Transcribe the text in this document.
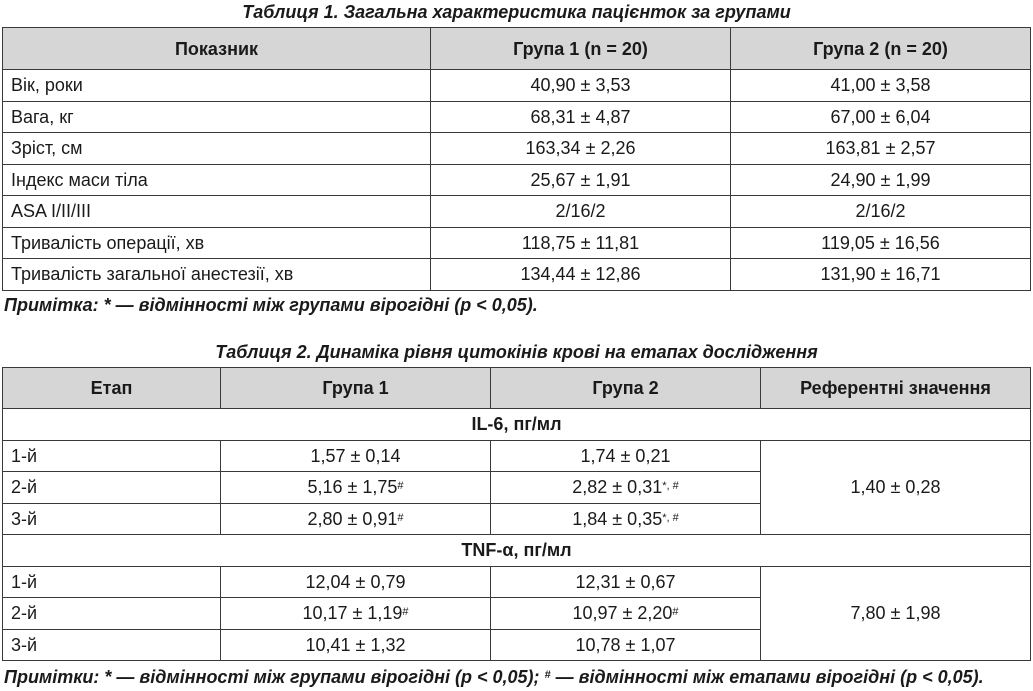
Таблиця 1. Загальна характеристика пацієнток за групами
Показник	Група 1 (n = 20)	Група 2 (n = 20)
Вік, роки	40,90 ± 3,53	41,00 ± 3,58
Вага, кг	68,31 ± 4,87	67,00 ± 6,04
Зріст, см	163,34 ± 2,26	163,81 ± 2,57
Індекс маси тіла	25,67 ± 1,91	24,90 ± 1,99
ASA I/II/III	2/16/2	2/16/2
Тривалість операції, хв	118,75 ± 11,81	119,05 ± 16,56
Тривалість загальної анестезії, хв	134,44 ± 12,86	131,90 ± 16,71
Примітка: * — відмінності між групами вірогідні (p < 0,05).
Таблиця 2. Динаміка рівня цитокінів крові на етапах дослідження
Етап	Група 1	Група 2	Референтні значення
IL-6, пг/мл			
1-й	1,57 ± 0,14	1,74 ± 0,21	1,40 ± 0,28
2-й	5,16 ± 1,75#	2,82 ± 0,31*, #
3-й	2,80 ± 0,91#	1,84 ± 0,35*, #
TNF-α, пг/мл			
1-й	12,04 ± 0,79	12,31 ± 0,67	7,80 ± 1,98
2-й	10,17 ± 1,19#	10,97 ± 2,20#
3-й	10,41 ± 1,32	10,78 ± 1,07	
Примітки: * — відмінності між групами вірогідні (p < 0,05); # — відмінності між етапами вірогідні (p < 0,05).
